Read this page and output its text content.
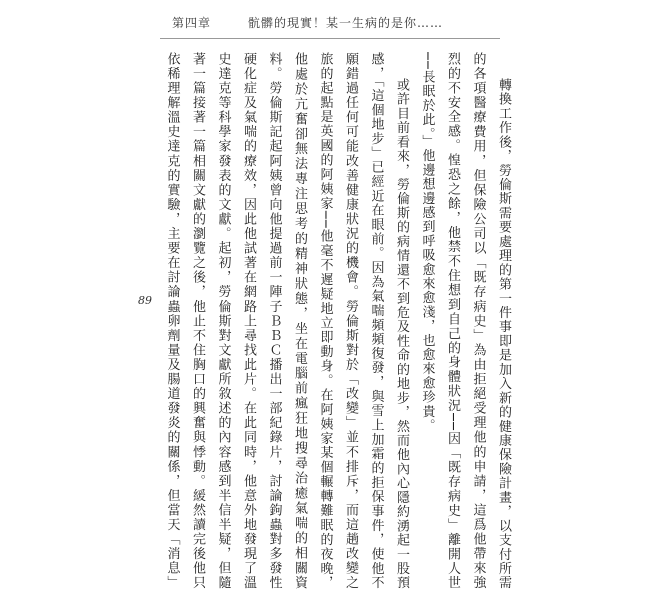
第四章	骯髒的現實！某一生病的是你……
89	轉換工作後，勞倫斯需要處理的第一件事即是加入新的健康保險計畫，以支付所需的各項醫療費用，但保險公司以「既存病史」為由拒絕受理他的申請，這爲他帶來強烈的不安全感。惶恐之餘，他禁不住想到自己的身體狀況──因「既存病史」離開人世──長眠於此。」他邊想邊感到呼吸愈來愈淺，也愈來愈珍貴。

或許目前看來，勞倫斯的病情還不到危及性命的地步，然而他內心隱約湧起一股預感，「這個地步」已經近在眼前。因為氣喘頻頻復發，與雪上加霜的拒保事件，使他不願錯過任何可能改善健康狀況的機會。勞倫斯對於「改變」並不排斥，而這趟改變之旅的起點是英國的阿姨家──他毫不遲疑地立即動身。在阿姨家某個輾轉難眠的夜晚，他處於亢奮卻無法專注思考的精神狀態，坐在電腦前瘋狂地搜尋治癒氣喘的相關資料。勞倫斯記起阿姨曾向他提過前一陣子ＢＢＣ播出一部紀錄片，討論鉤蟲對多發性硬化症及氣喘的療效，因此他試著在網路上尋找此片。在此同時，他意外地發現了溫史達克等科學家發表的文獻。起初，勞倫斯對文獻所敘述的內容感到半信半疑，但隨著一篇接著一篇相關文獻的瀏覽之後，他止不住胸口的興奮與悸動。緩然讀完後他只依稀理解溫史達克的實驗，主要在討論蟲卵劑量及腸道發炎的關係，但當天「消息」
